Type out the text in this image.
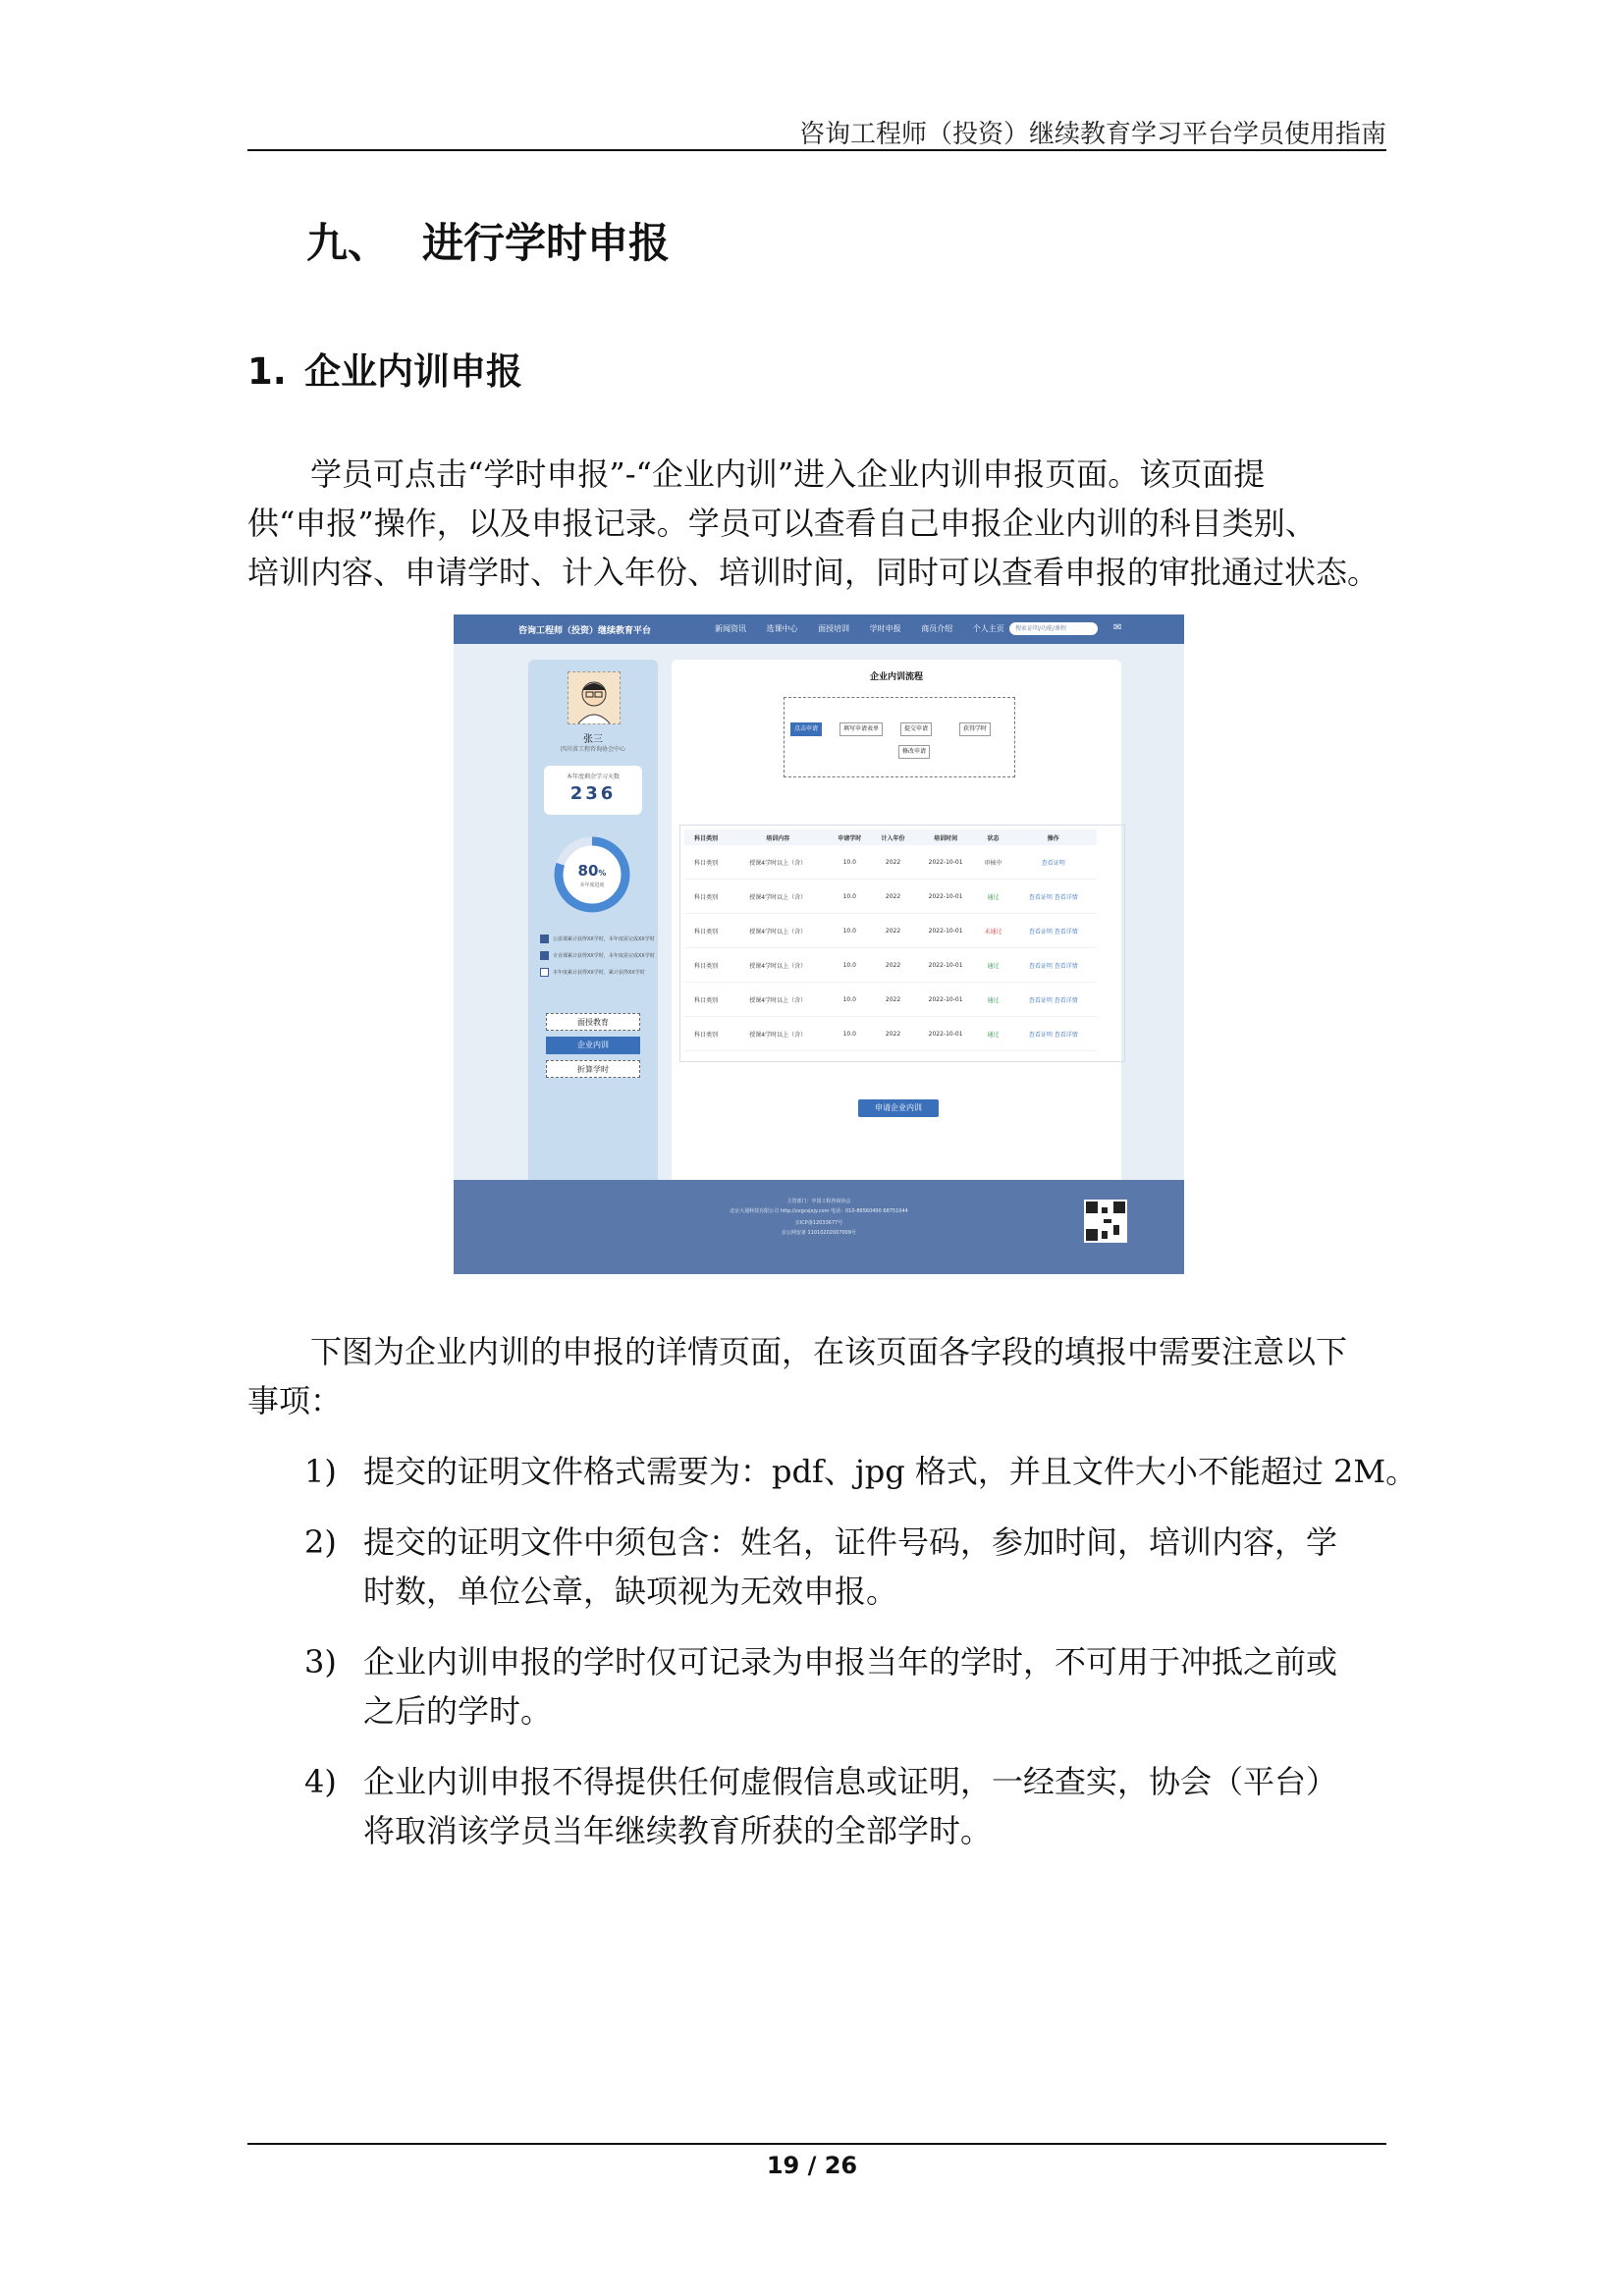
咨询工程师（投资）继续教育学习平台学员使用指南
九、 进行学时申报
1. 企业内训申报
学员可点击“学时申报”-“企业内训”进入企业内训申报页面。该页面提
供“申报”操作，以及申报记录。学员可以查看自己申报企业内训的科目类别、
培训内容、申请学时、计入年份、培训时间，同时可以查看申报的审批通过状态。
咨询工程师（投资）继续教育平台	新闻资讯	选课中心	面授培训	学时申报	商员介绍	个人主页	搜索证明/功能/课程	✉
张三
四川省工程咨询协会中心
本年度剩余学习天数
236
80%
本年度进度
公需课累计获得XX学时，本年度需完成XX学时
专业课累计获得XX学时，本年度需完成XX学时
本年度累计获得XX学时，累计获得XX学时
面授教育
企业内训
折算学时
企业内训流程
点击申请	填写申请表单	提交申请	获得学时
修改申请
科目类别	培训内容	申请学时	计入年份	培训时间	状态	操作
科目类别	授课4学时以上（含）	10.0	2022	2022-10-01	审核中	查看证明
科目类别	授课4学时以上（含）	10.0	2022	2022-10-01	通过	查看证明 查看详情
科目类别	授课4学时以上（含）	10.0	2022	2022-10-01	未通过	查看证明 查看详情
科目类别	授课4学时以上（含）	10.0	2022	2022-10-01	通过	查看证明 查看详情
科目类别	授课4学时以上（含）	10.0	2022	2022-10-01	通过	查看证明 查看详情
科目类别	授课4学时以上（含）	10.0	2022	2022-10-01	通过	查看证明 查看详情
申请企业内训
主管部门：中国工程咨询协会
北京大通科技有限公司 http://zxgcsjxjy.com 电话：010-86560490 68751044
京ICP备12033677号
京公网安备 11010202007009号
下图为企业内训的申报的详情页面，在该页面各字段的填报中需要注意以下
事项：
1) 提交的证明文件格式需要为：pdf、jpg 格式，并且文件大小不能超过 2M。
2) 提交的证明文件中须包含：姓名，证件号码，参加时间，培训内容，学
时数，单位公章，缺项视为无效申报。
3) 企业内训申报的学时仅可记录为申报当年的学时，不可用于冲抵之前或
之后的学时。
4) 企业内训申报不得提供任何虚假信息或证明，一经查实，协会（平台）
将取消该学员当年继续教育所获的全部学时。
19 / 26
